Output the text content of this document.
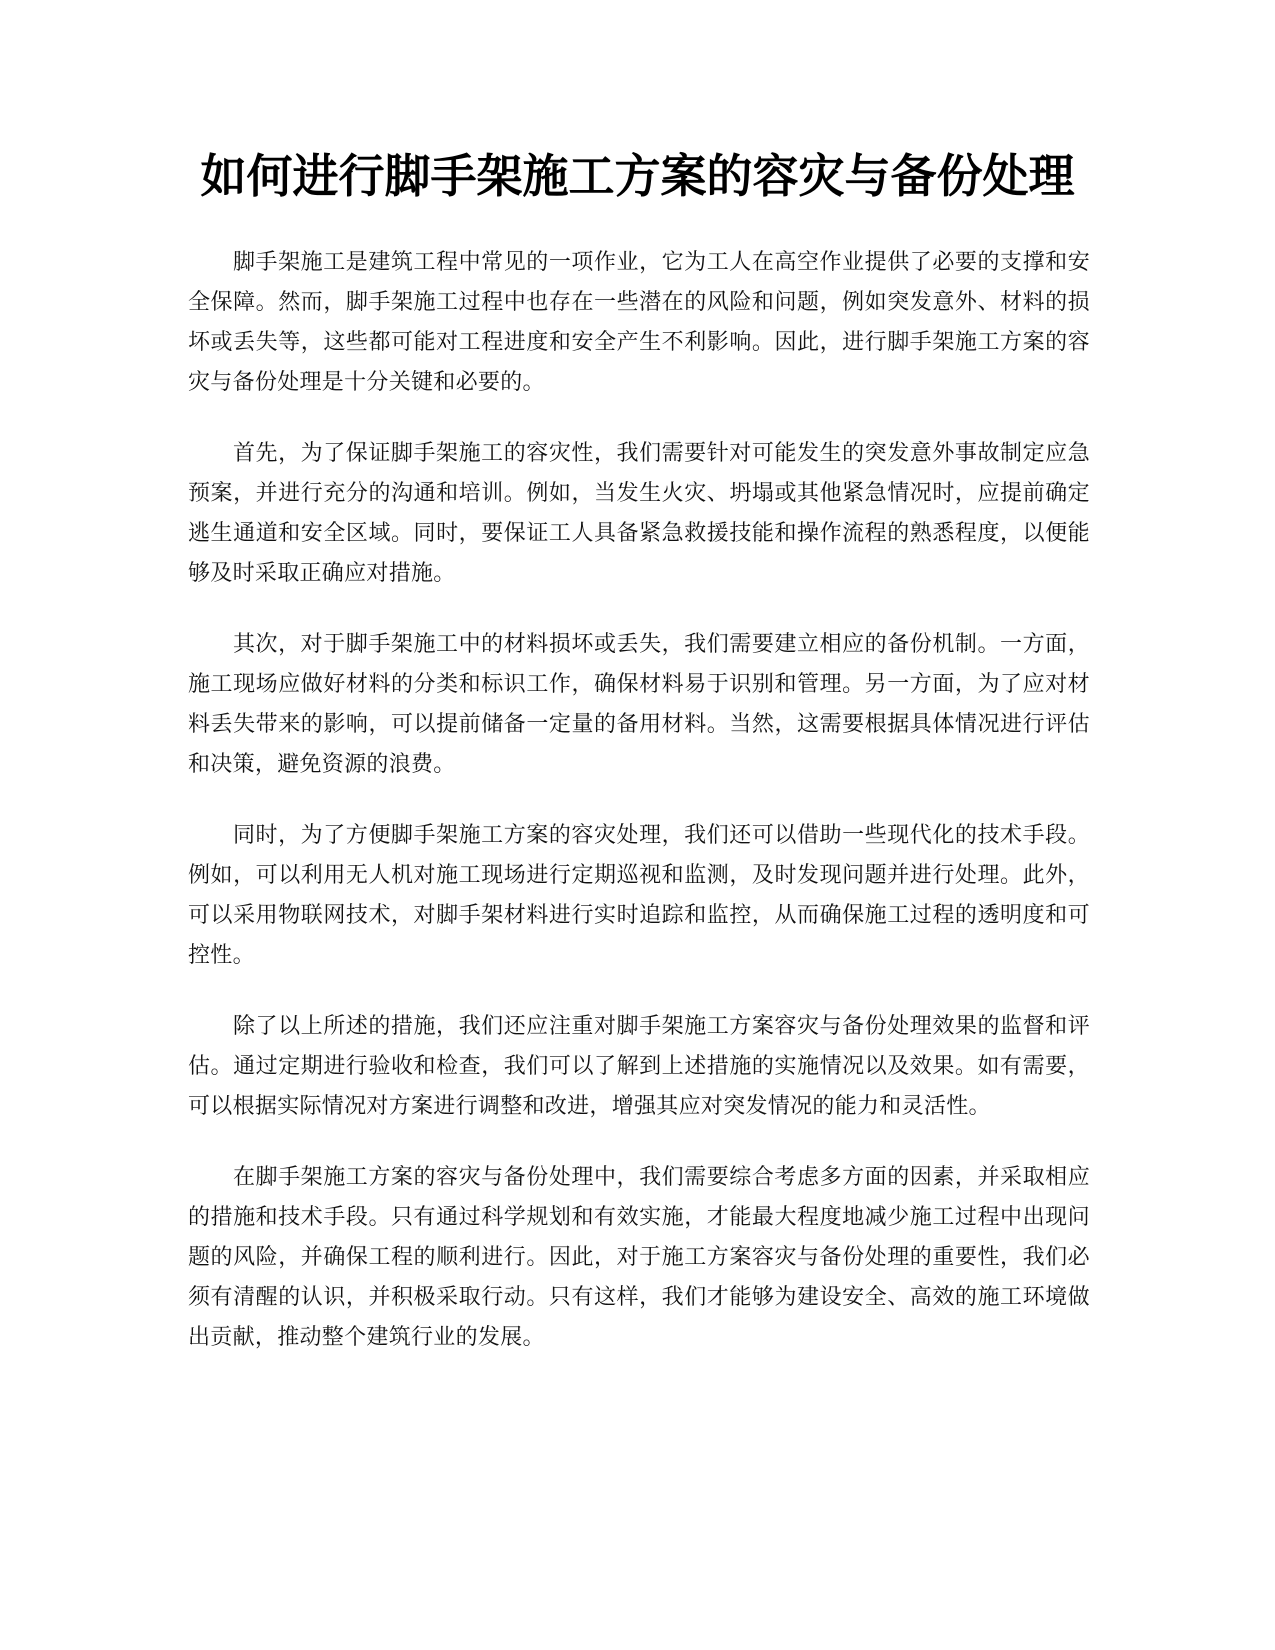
如何进行脚手架施工方案的容灾与备份处理

脚手架施工是建筑工程中常见的一项作业，它为工人在高空作业提供了必要的支撑和安全保障。然而，脚手架施工过程中也存在一些潜在的风险和问题，例如突发意外、材料的损坏或丢失等，这些都可能对工程进度和安全产生不利影响。因此，进行脚手架施工方案的容灾与备份处理是十分关键和必要的。

首先，为了保证脚手架施工的容灾性，我们需要针对可能发生的突发意外事故制定应急预案，并进行充分的沟通和培训。例如，当发生火灾、坍塌或其他紧急情况时，应提前确定逃生通道和安全区域。同时，要保证工人具备紧急救援技能和操作流程的熟悉程度，以便能够及时采取正确应对措施。

其次，对于脚手架施工中的材料损坏或丢失，我们需要建立相应的备份机制。一方面，施工现场应做好材料的分类和标识工作，确保材料易于识别和管理。另一方面，为了应对材料丢失带来的影响，可以提前储备一定量的备用材料。当然，这需要根据具体情况进行评估和决策，避免资源的浪费。

同时，为了方便脚手架施工方案的容灾处理，我们还可以借助一些现代化的技术手段。例如，可以利用无人机对施工现场进行定期巡视和监测，及时发现问题并进行处理。此外，可以采用物联网技术，对脚手架材料进行实时追踪和监控，从而确保施工过程的透明度和可控性。

除了以上所述的措施，我们还应注重对脚手架施工方案容灾与备份处理效果的监督和评估。通过定期进行验收和检查，我们可以了解到上述措施的实施情况以及效果。如有需要，可以根据实际情况对方案进行调整和改进，增强其应对突发情况的能力和灵活性。

在脚手架施工方案的容灾与备份处理中，我们需要综合考虑多方面的因素，并采取相应的措施和技术手段。只有通过科学规划和有效实施，才能最大程度地减少施工过程中出现问题的风险，并确保工程的顺利进行。因此，对于施工方案容灾与备份处理的重要性，我们必须有清醒的认识，并积极采取行动。只有这样，我们才能够为建设安全、高效的施工环境做出贡献，推动整个建筑行业的发展。
